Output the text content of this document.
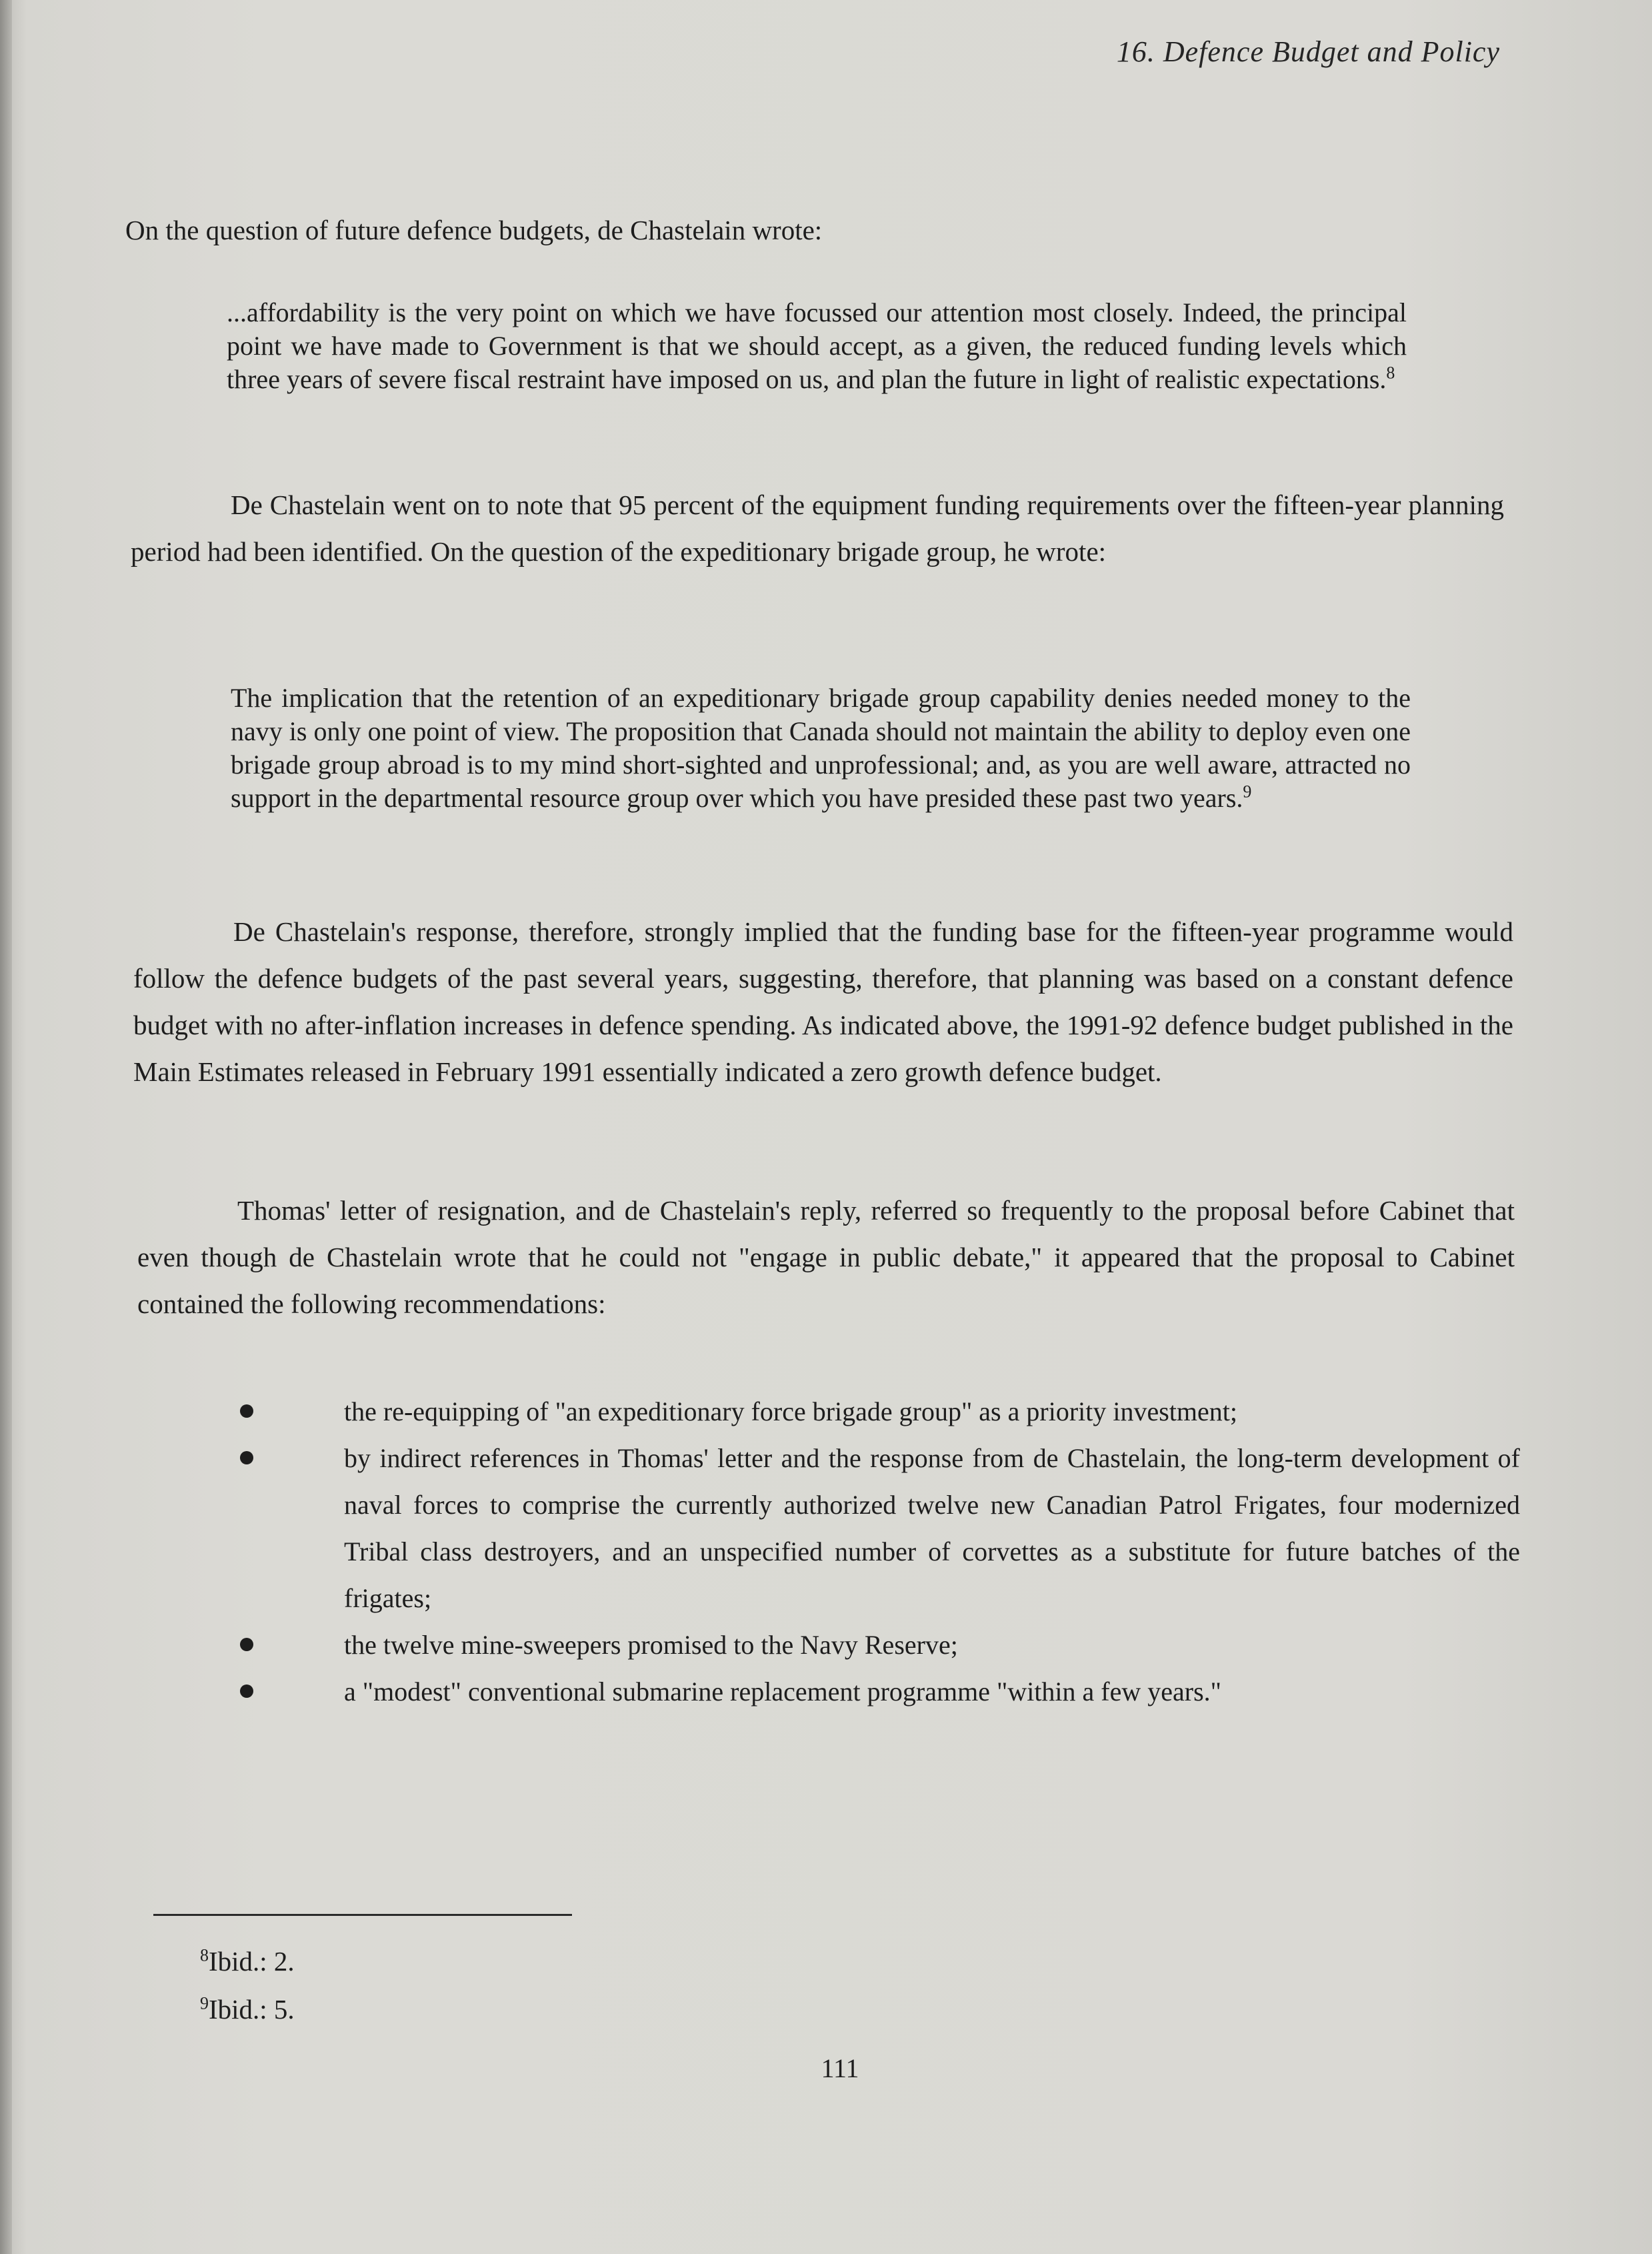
16. Defence Budget and Policy

On the question of future defence budgets, de Chastelain wrote:

...affordability is the very point on which we have focussed our attention most closely. Indeed, the principal point we have made to Government is that we should accept, as a given, the reduced funding levels which three years of severe fiscal restraint have imposed on us, and plan the future in light of realistic expectations.$^8$

De Chastelain went on to note that 95 percent of the equipment funding requirements over the fifteen-year planning period had been identified. On the question of the expeditionary brigade group, he wrote:

The implication that the retention of an expeditionary brigade group capability denies needed money to the navy is only one point of view. The proposition that Canada should not maintain the ability to deploy even one brigade group abroad is to my mind short-sighted and unprofessional; and, as you are well aware, attracted no support in the departmental resource group over which you have presided these past two years.$^9$

De Chastelain's response, therefore, strongly implied that the funding base for the fifteen-year programme would follow the defence budgets of the past several years, suggesting, therefore, that planning was based on a constant defence budget with no after-inflation increases in defence spending. As indicated above, the 1991-92 defence budget published in the Main Estimates released in February 1991 essentially indicated a zero growth defence budget.

Thomas' letter of resignation, and de Chastelain's reply, referred so frequently to the proposal before Cabinet that even though de Chastelain wrote that he could not "engage in public debate," it appeared that the proposal to Cabinet contained the following recommendations:

the re-equipping of "an expeditionary force brigade group" as a priority investment;
by indirect references in Thomas' letter and the response from de Chastelain, the long-term development of naval forces to comprise the currently authorized twelve new Canadian Patrol Frigates, four modernized Tribal class destroyers, and an unspecified number of corvettes as a substitute for future batches of the frigates;
the twelve mine-sweepers promised to the Navy Reserve;
a "modest" conventional submarine replacement programme "within a few years."
$^8$Ibid.: 2.
$^9$Ibid.: 5.
111
